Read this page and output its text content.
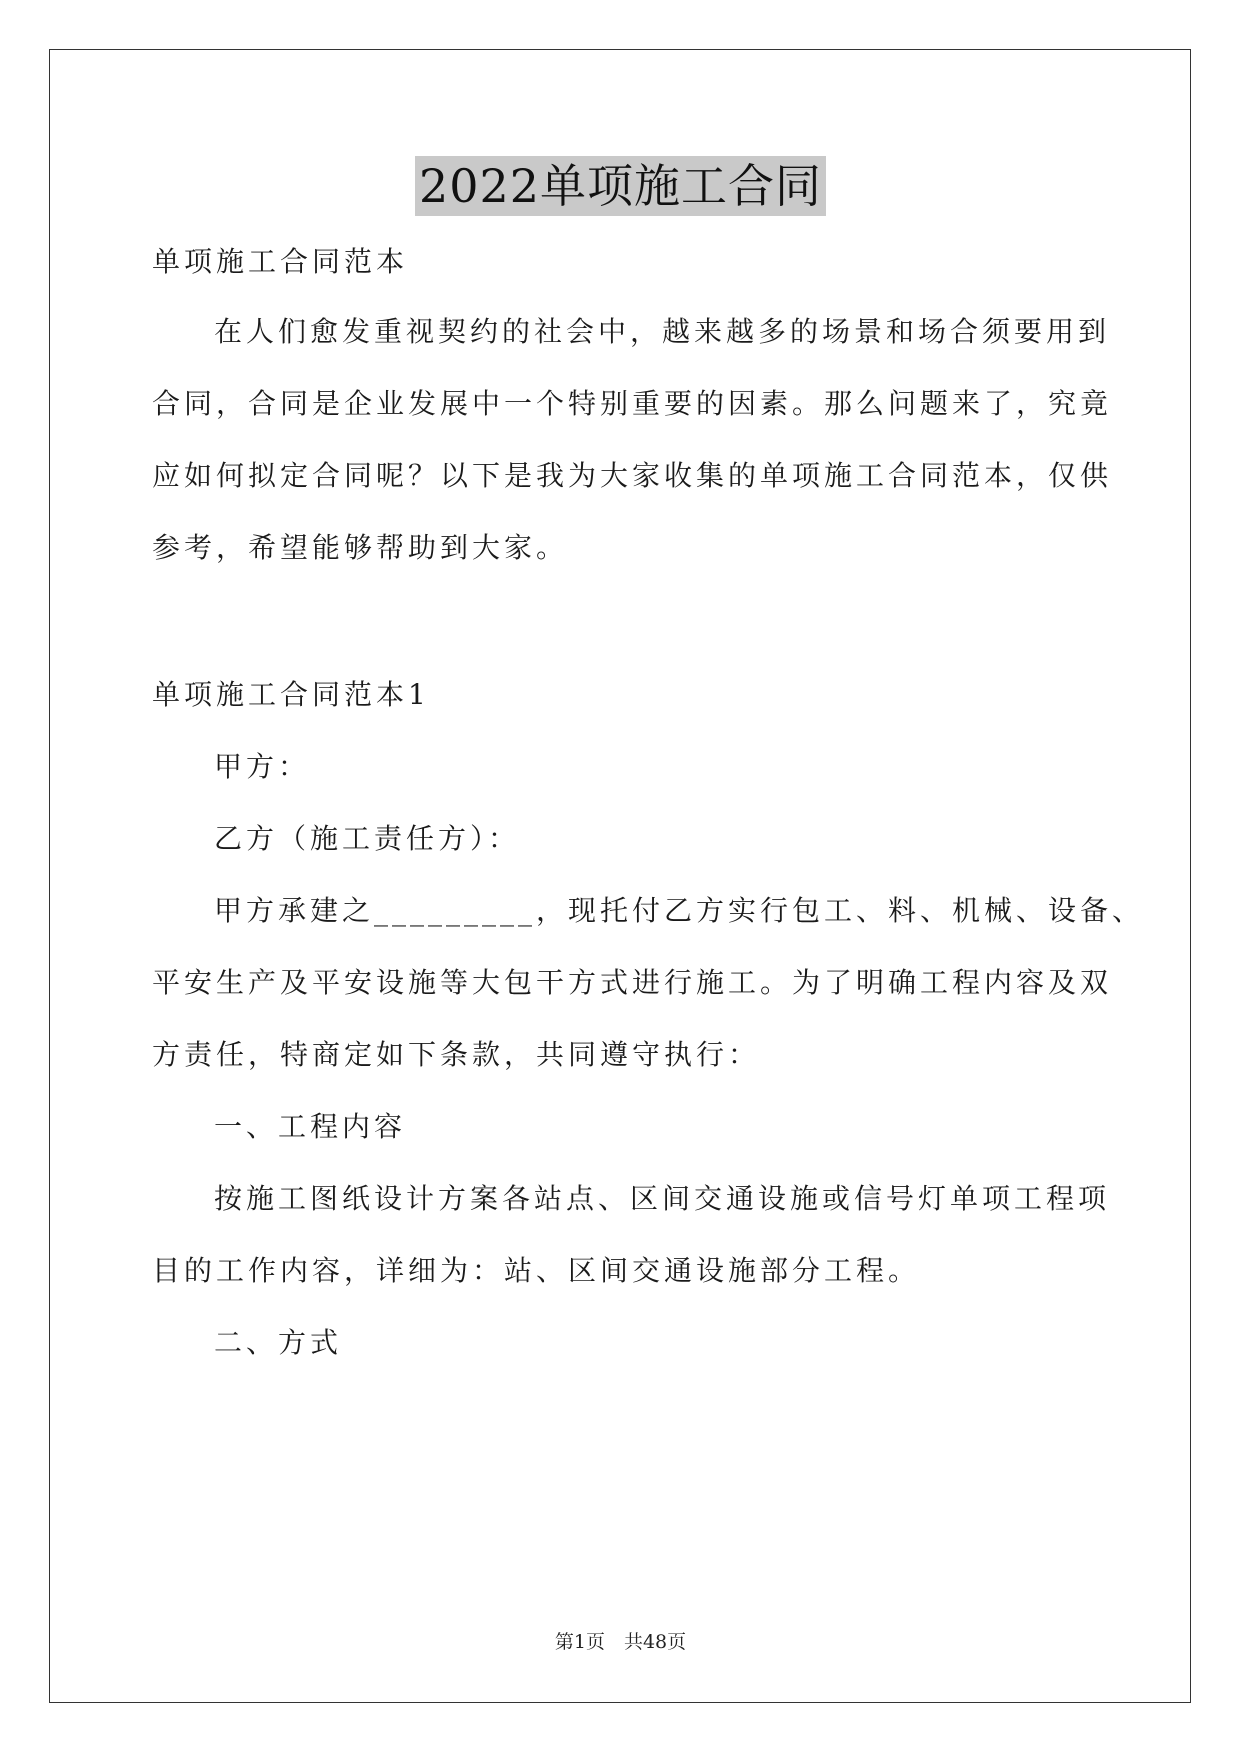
2022单项施工合同
单项施工合同范本
在人们愈发重视契约的社会中，越来越多的场景和场合须要用到
合同，合同是企业发展中一个特别重要的因素。那么问题来了，究竟
应如何拟定合同呢？以下是我为大家收集的单项施工合同范本，仅供
参考，希望能够帮助到大家。
单项施工合同范本1
甲方：
乙方（施工责任方）：
甲方承建之_________，现托付乙方实行包工、料、机械、设备、
平安生产及平安设施等大包干方式进行施工。为了明确工程内容及双
方责任，特商定如下条款，共同遵守执行：
一、工程内容
按施工图纸设计方案各站点、区间交通设施或信号灯单项工程项
目的工作内容，详细为：站、区间交通设施部分工程。
二、方式
第1页　共48页
